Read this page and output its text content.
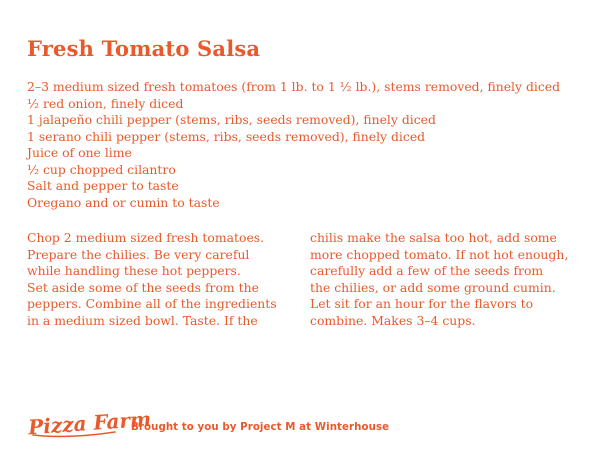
Fresh Tomato Salsa
2–3 medium sized fresh tomatoes (from 1 lb. to 1 ½ lb.), stems removed, finely diced
½ red onion, finely diced
1 jalapeño chili pepper (stems, ribs, seeds removed), finely diced
1 serano chili pepper (stems, ribs, seeds removed), finely diced
Juice of one lime
½ cup chopped cilantro
Salt and pepper to taste
Oregano and or cumin to taste
Chop 2 medium sized fresh tomatoes.
Prepare the chilies. Be very careful
while handling these hot peppers.
Set aside some of the seeds from the
peppers. Combine all of the ingredients
in a medium sized bowl. Taste. If the
chilis make the salsa too hot, add some
more chopped tomato. If not hot enough,
carefully add a few of the seeds from
the chilies, or add some ground cumin.
Let sit for an hour for the flavors to
combine. Makes 3–4 cups.
Pizza Farm
Brought to you by Project M at Winterhouse
